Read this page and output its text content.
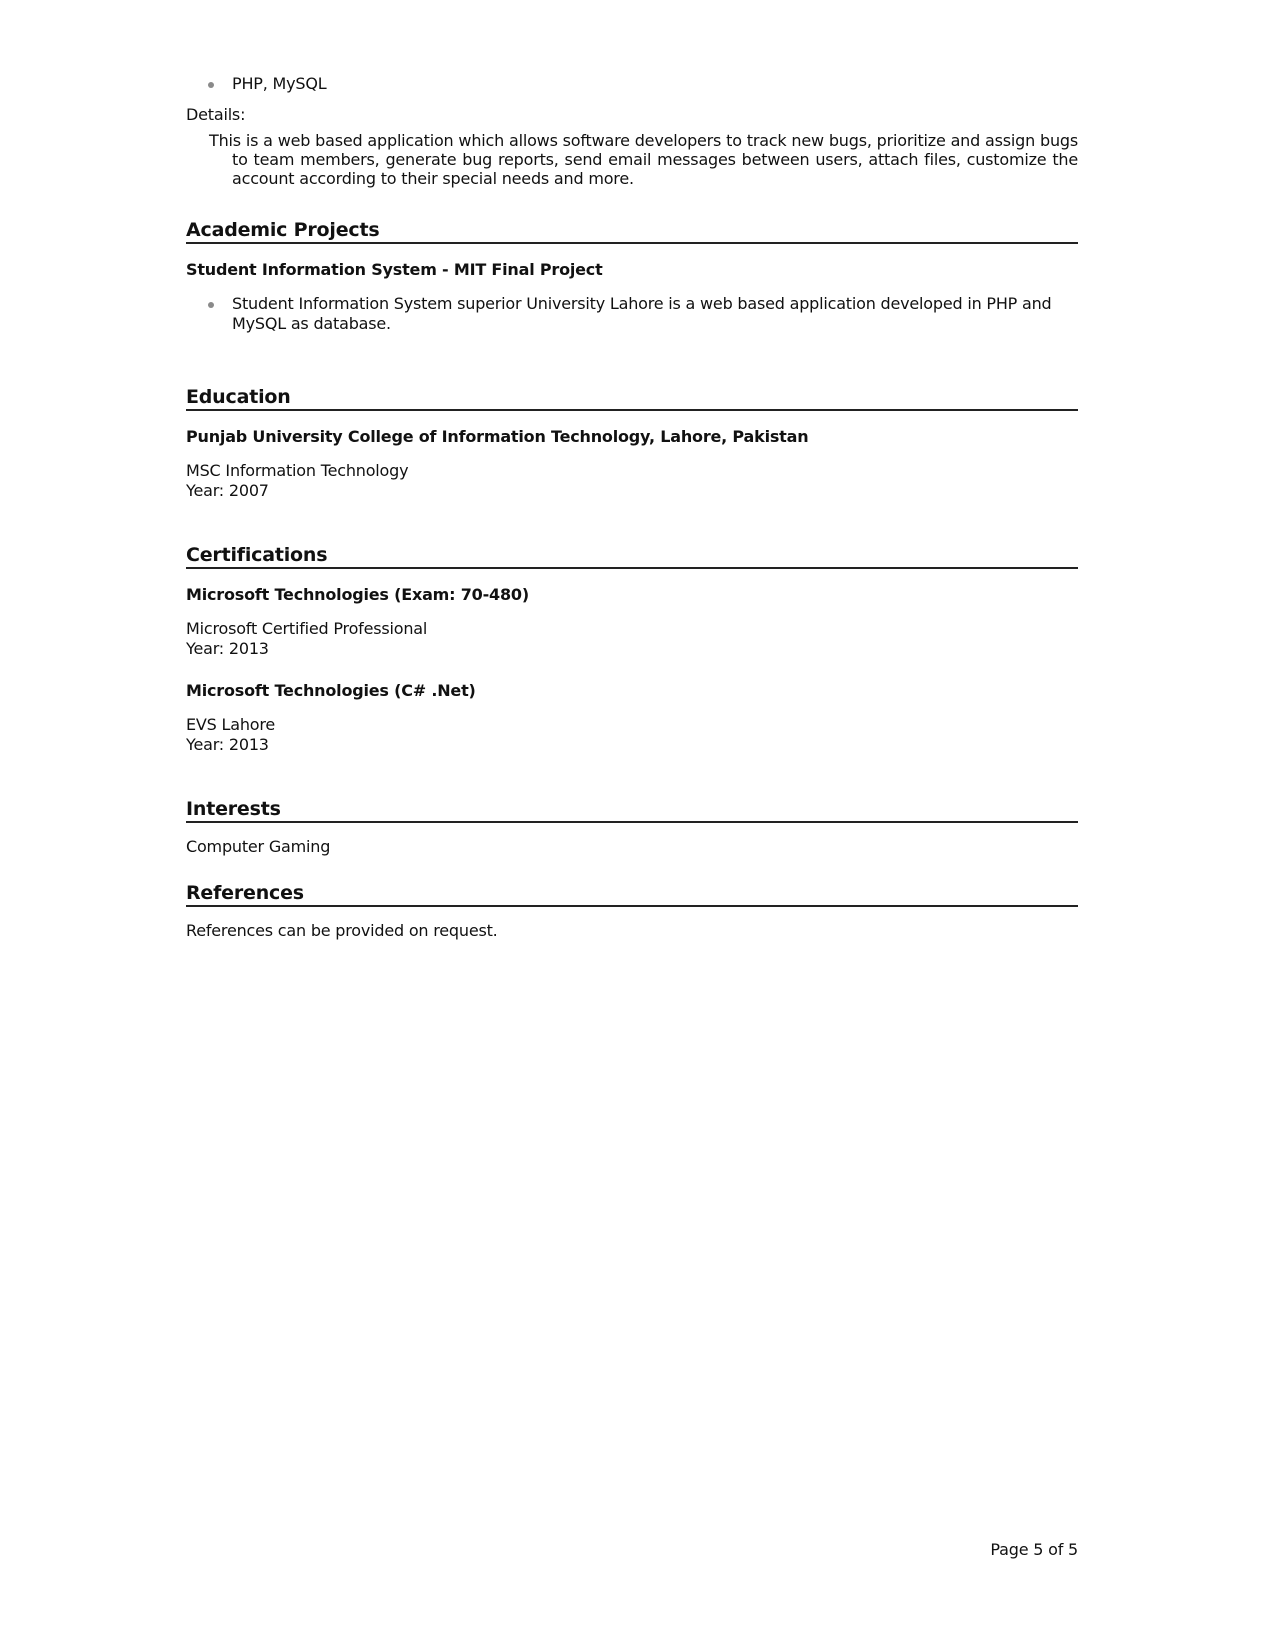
PHP, MySQL
Details:
This is a web based application which allows software developers to track new bugs, prioritize and assign bugs to team members, generate bug reports, send email messages between users, attach files, customize the account according to their special needs and more.
Academic Projects
Student Information System - MIT Final Project
Student Information System superior University Lahore is a web based application developed in PHP and MySQL as database.
Education
Punjab University College of Information Technology, Lahore, Pakistan
MSC Information Technology
Year: 2007
Certifications
Microsoft Technologies (Exam: 70-480)
Microsoft Certified Professional
Year: 2013
Microsoft Technologies (C# .Net)
EVS Lahore
Year: 2013
Interests
Computer Gaming
References
References can be provided on request.
Page 5 of 5
